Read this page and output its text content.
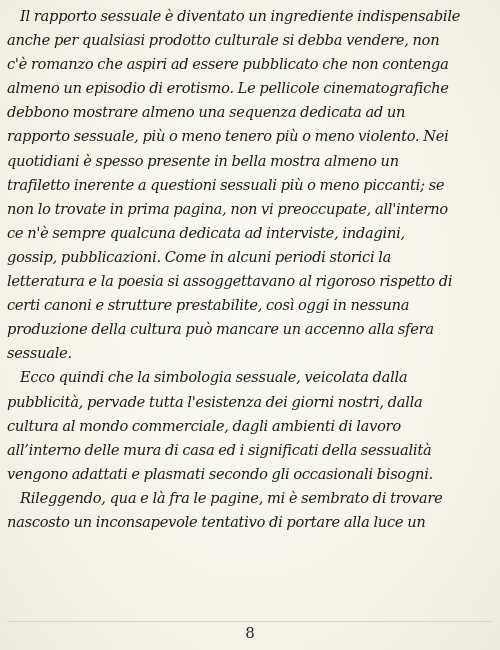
Il rapporto sessuale è diventato un ingrediente indispensabile
anche per qualsiasi prodotto culturale si debba vendere, non
c'è romanzo che aspiri ad essere pubblicato che non contenga
almeno un episodio di erotismo. Le pellicole cinematografiche
debbono mostrare almeno una sequenza dedicata ad un
rapporto sessuale, più o meno tenero più o meno violento. Nei
quotidiani è spesso presente in bella mostra almeno un
trafiletto inerente a questioni sessuali più o meno piccanti; se
non lo trovate in prima pagina, non vi preoccupate, all'interno
ce n'è sempre qualcuna dedicata ad interviste, indagini,
gossip, pubblicazioni. Come in alcuni periodi storici la
letteratura e la poesia si assoggettavano al rigoroso rispetto di
certi canoni e strutture prestabilite, così oggi in nessuna
produzione della cultura può mancare un accenno alla sfera
sessuale.
Ecco quindi che la simbologia sessuale, veicolata dalla
pubblicità, pervade tutta l'esistenza dei giorni nostri, dalla
cultura al mondo commerciale, dagli ambienti di lavoro
all’interno delle mura di casa ed i significati della sessualità
vengono adattati e plasmati secondo gli occasionali bisogni.
Rileggendo, qua e là fra le pagine, mi è sembrato di trovare
nascosto un inconsapevole tentativo di portare alla luce un
8
